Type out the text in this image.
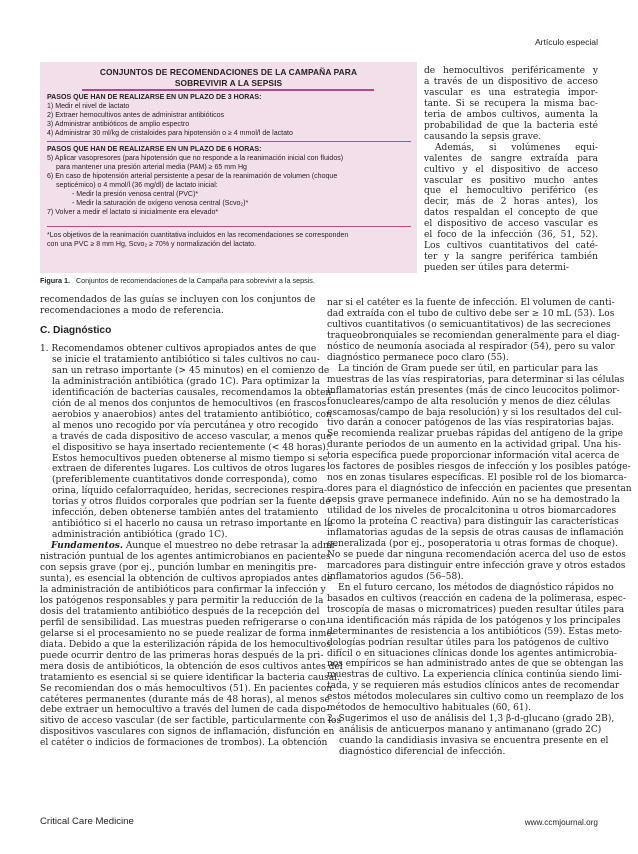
Artículo especial
CONJUNTOS DE RECOMENDACIONES DE LA CAMPAÑA PARA
SOBREVIVIR A LA SEPSIS
PASOS QUE HAN DE REALIZARSE EN UN PLAZO DE 3 HORAS:
1) Medir el nivel de lactato
2) Extraer hemocultivos antes de administrar antibióticos
3) Administrar antibióticos de amplio espectro
4) Administrar 30 ml/kg de cristaloides para hipotensión o ≥ 4 mmol/l de lactato
PASOS QUE HAN DE REALIZARSE EN UN PLAZO DE 6 HORAS:
5) Aplicar vasopresores (para hipotensión que no responde a la reanimación inicial con fluidos)
para mantener una presión arterial media (PAM) ≥ 65 mm Hg
6) En caso de hipotensión arterial persistente a pesar de la reanimación de volumen (choque
septicémico) o 4 mmol/l (36 mg/dl) de lactato inicial:
- Medir la presión venosa central (PVC)*
- Medir la saturación de oxígeno venosa central (Scvo₂)*
7) Volver a medir el lactato si inicialmente era elevado*
*Los objetivos de la reanimación cuantitativa incluidos en las recomendaciones se corresponden
con una PVC ≥ 8 mm Hg, Scvo₂ ≥ 70% y normalización del lactato.
Figura 1. Conjuntos de recomendaciones de la Campaña para sobrevivir a la sepsis.
de hemocultivos periféricamente y
a través de un dispositivo de acceso
vascular es una estrategia impor-
tante. Si se recupera la misma bac-
teria de ambos cultivos, aumenta la
probabilidad de que la bacteria esté
causando la sepsis grave.
Además, si volúmenes equi-
valentes de sangre extraída para
cultivo y el dispositivo de acceso
vascular es positivo mucho antes
que el hemocultivo periférico (es
decir, más de 2 horas antes), los
datos respaldan el concepto de que
el dispositivo de acceso vascular es
el foco de la infección (36, 51, 52).
Los cultivos cuantitativos del caté-
ter y la sangre periférica también
pueden ser útiles para determi-
recomendados de las guías se incluyen con los conjuntos de
recomendaciones a modo de referencia.
C. Diagnóstico
1. Recomendamos obtener cultivos apropiados antes de que
se inicie el tratamiento antibiótico si tales cultivos no cau-
san un retraso importante (> 45 minutos) en el comienzo de
la administración antibiótica (grado 1C). Para optimizar la
identificación de bacterias causales, recomendamos la obten-
ción de al menos dos conjuntos de hemocultivos (en frascos
aerobios y anaerobios) antes del tratamiento antibiótico, con
al menos uno recogido por vía percutánea y otro recogido
a través de cada dispositivo de acceso vascular, a menos que
el dispositivo se haya insertado recientemente (< 48 horas).
Estos hemocultivos pueden obtenerse al mismo tiempo si se
extraen de diferentes lugares. Los cultivos de otros lugares
(preferiblemente cuantitativos donde corresponda), como
orina, líquido cefalorraquídeo, heridas, secreciones respira-
torias y otros fluidos corporales que podrían ser la fuente de
infección, deben obtenerse también antes del tratamiento
antibiótico si el hacerlo no causa un retraso importante en la
administración antibiótica (grado 1C).
Fundamentos. Aunque el muestreo no debe retrasar la admi-
nistración puntual de los agentes antimicrobianos en pacientes
con sepsis grave (por ej., punción lumbar en meningitis pre-
sunta), es esencial la obtención de cultivos apropiados antes de
la administración de antibióticos para confirmar la infección y
los patógenos responsables y para permitir la reducción de la
dosis del tratamiento antibiótico después de la recepción del
perfil de sensibilidad. Las muestras pueden refrigerarse o con-
gelarse si el procesamiento no se puede realizar de forma inme-
diata. Debido a que la esterilización rápida de los hemocultivos
puede ocurrir dentro de las primeras horas después de la pri-
mera dosis de antibióticos, la obtención de esos cultivos antes del
tratamiento es esencial si se quiere identificar la bacteria causal.
Se recomiendan dos o más hemocultivos (51). En pacientes con
catéteres permanentes (durante más de 48 horas), al menos se
debe extraer un hemocultivo a través del lumen de cada dispo-
sitivo de acceso vascular (de ser factible, particularmente con los
dispositivos vasculares con signos de inflamación, disfunción en
el catéter o indicios de formaciones de trombos). La obtención
nar si el catéter es la fuente de infección. El volumen de canti-
dad extraída con el tubo de cultivo debe ser ≥ 10 mL (53). Los
cultivos cuantitativos (o semicuantitativos) de las secreciones
traqueobronquiales se recomiendan generalmente para el diag-
nóstico de neumonía asociada al respirador (54), pero su valor
diagnóstico permanece poco claro (55).
La tinción de Gram puede ser útil, en particular para las
muestras de las vías respiratorias, para determinar si las células
inflamatorias están presentes (más de cinco leucocitos polimor-
fonucleares/campo de alta resolución y menos de diez células
escamosas/campo de baja resolución) y si los resultados del cul-
tivo darán a conocer patógenos de las vías respiratorias bajas.
Se recomienda realizar pruebas rápidas del antígeno de la gripe
durante periodos de un aumento en la actividad gripal. Una his-
toria específica puede proporcionar información vital acerca de
los factores de posibles riesgos de infección y los posibles patóge-
nos en zonas tisulares específicas. El posible rol de los biomarca-
dores para el diagnóstico de infección en pacientes que presentan
sepsis grave permanece indefinido. Aún no se ha demostrado la
utilidad de los niveles de procalcitonina u otros biomarcadores
(como la proteína C reactiva) para distinguir las características
inflamatorias agudas de la sepsis de otras causas de inflamación
generalizada (por ej., posoperatoria u otras formas de choque).
No se puede dar ninguna recomendación acerca del uso de estos
marcadores para distinguir entre infección grave y otros estados
inflamatorios agudos (56–58).
En el futuro cercano, los métodos de diagnóstico rápidos no
basados en cultivos (reacción en cadena de la polimerasa, espec-
troscopía de masas o micromatrices) pueden resultar útiles para
una identificación más rápida de los patógenos y los principales
determinantes de resistencia a los antibióticos (59). Estas meto-
dologías podrían resultar útiles para los patógenos de cultivo
difícil o en situaciones clínicas donde los agentes antimicrobia-
nos empíricos se han administrado antes de que se obtengan las
muestras de cultivo. La experiencia clínica continúa siendo limi-
tada, y se requieren más estudios clínicos antes de recomendar
estos métodos moleculares sin cultivo como un reemplazo de los
métodos de hemocultivo habituales (60, 61).
2. Sugerimos el uso de análisis del 1,3 β-d-glucano (grado 2B),
análisis de anticuerpos manano y antimanano (grado 2C)
cuando la candidiasis invasiva se encuentra presente en el
diagnóstico diferencial de infección.
Critical Care Medicine	www.ccmjournal.org
